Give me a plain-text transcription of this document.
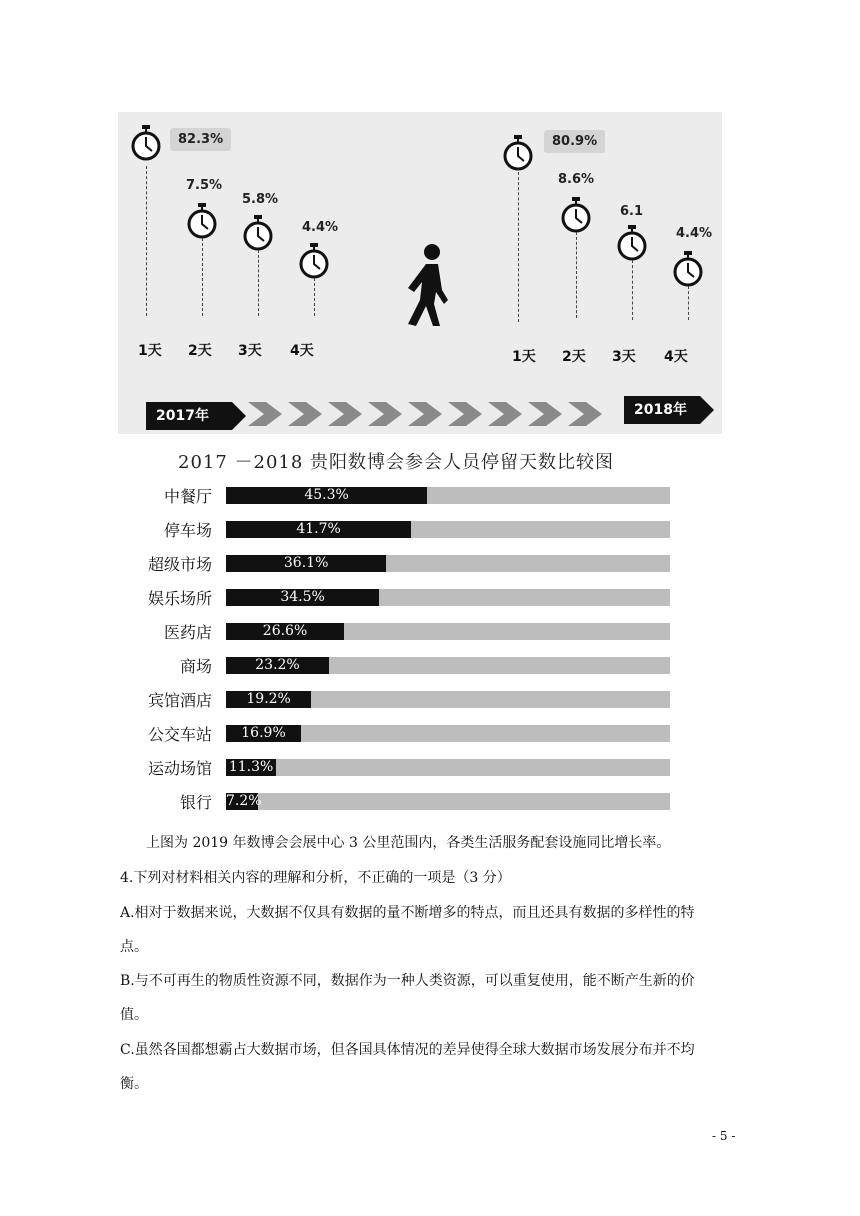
82.3%
1天
7.5%
2天
5.8%
3天
4.4%
4天
80.9%
1天
8.6%
2天
6.1
3天
4.4%
4天
2017年	2018年
2017 －2018 贵阳数博会参会人员停留天数比较图
中餐厅	45.3%
停车场	41.7%
超级市场	36.1%
娱乐场所	34.5%
医药店	26.6%
商场	23.2%
宾馆酒店	19.2%
公交车站	16.9%
运动场馆 11.3%
银行 7.2%
上图为 2019 年数博会会展中心 3 公里范围内，各类生活服务配套设施同比增长率。
4.下列对材料相关内容的理解和分析，不正确的一项是（3 分）
A.相对于数据来说，大数据不仅具有数据的量不断增多的特点，而且还具有数据的多样性的特
点。
B.与不可再生的物质性资源不同，数据作为一种人类资源，可以重复使用，能不断产生新的价
值。
C.虽然各国都想霸占大数据市场，但各国具体情况的差异使得全球大数据市场发展分布并不均
衡。
- 5 -
